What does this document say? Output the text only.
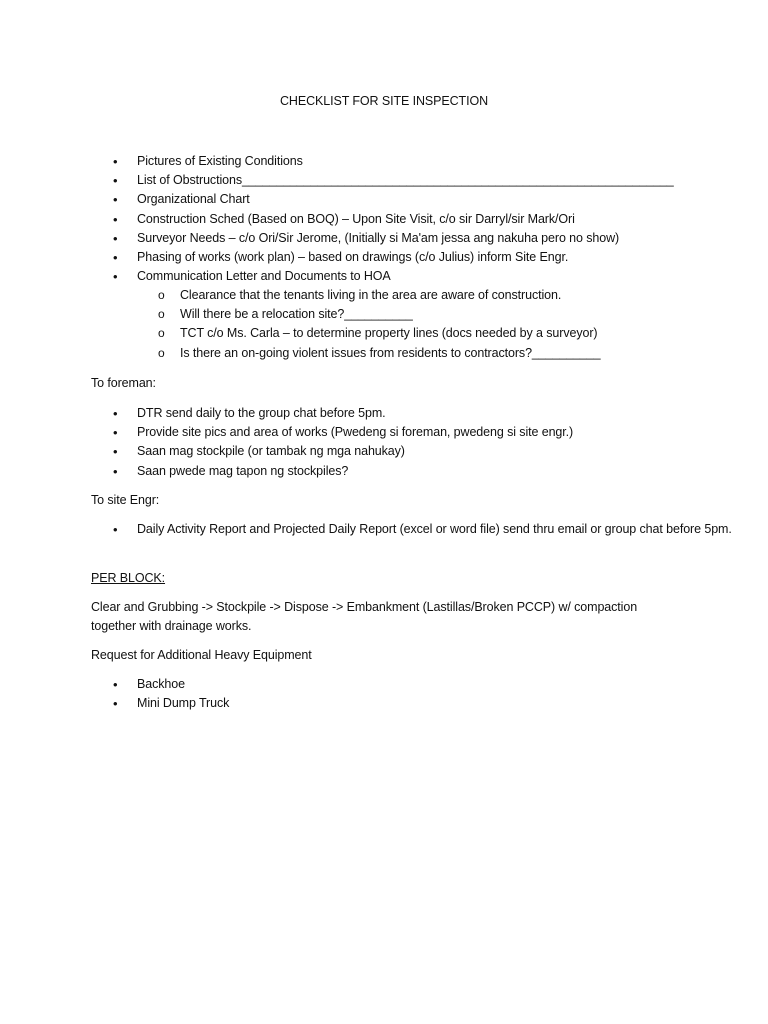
CHECKLIST FOR SITE INSPECTION
• Pictures of Existing Conditions
• List of Obstructions_______________________________________________________________
• Organizational Chart
• Construction Sched (Based on BOQ) – Upon Site Visit, c/o sir Darryl/sir Mark/Ori
• Surveyor Needs – c/o Ori/Sir Jerome, (Initially si Ma'am jessa ang nakuha pero no show)
• Phasing of works (work plan) – based on drawings (c/o Julius) inform Site Engr.
• Communication Letter and Documents to HOA
o Clearance that the tenants living in the area are aware of construction.
o Will there be a relocation site?__________
o TCT c/o Ms. Carla – to determine property lines (docs needed by a surveyor)
o Is there an on-going violent issues from residents to contractors?__________
To foreman:
• DTR send daily to the group chat before 5pm.
• Provide site pics and area of works (Pwedeng si foreman, pwedeng si site engr.)
• Saan mag stockpile (or tambak ng mga nahukay)
• Saan pwede mag tapon ng stockpiles?
To site Engr:
• Daily Activity Report and Projected Daily Report (excel or word file) send thru email or group chat before 5pm.
PER BLOCK:
Clear and Grubbing -> Stockpile -> Dispose -> Embankment (Lastillas/Broken PCCP) w/ compaction together with drainage works.
Request for Additional Heavy Equipment
• Backhoe
• Mini Dump Truck
